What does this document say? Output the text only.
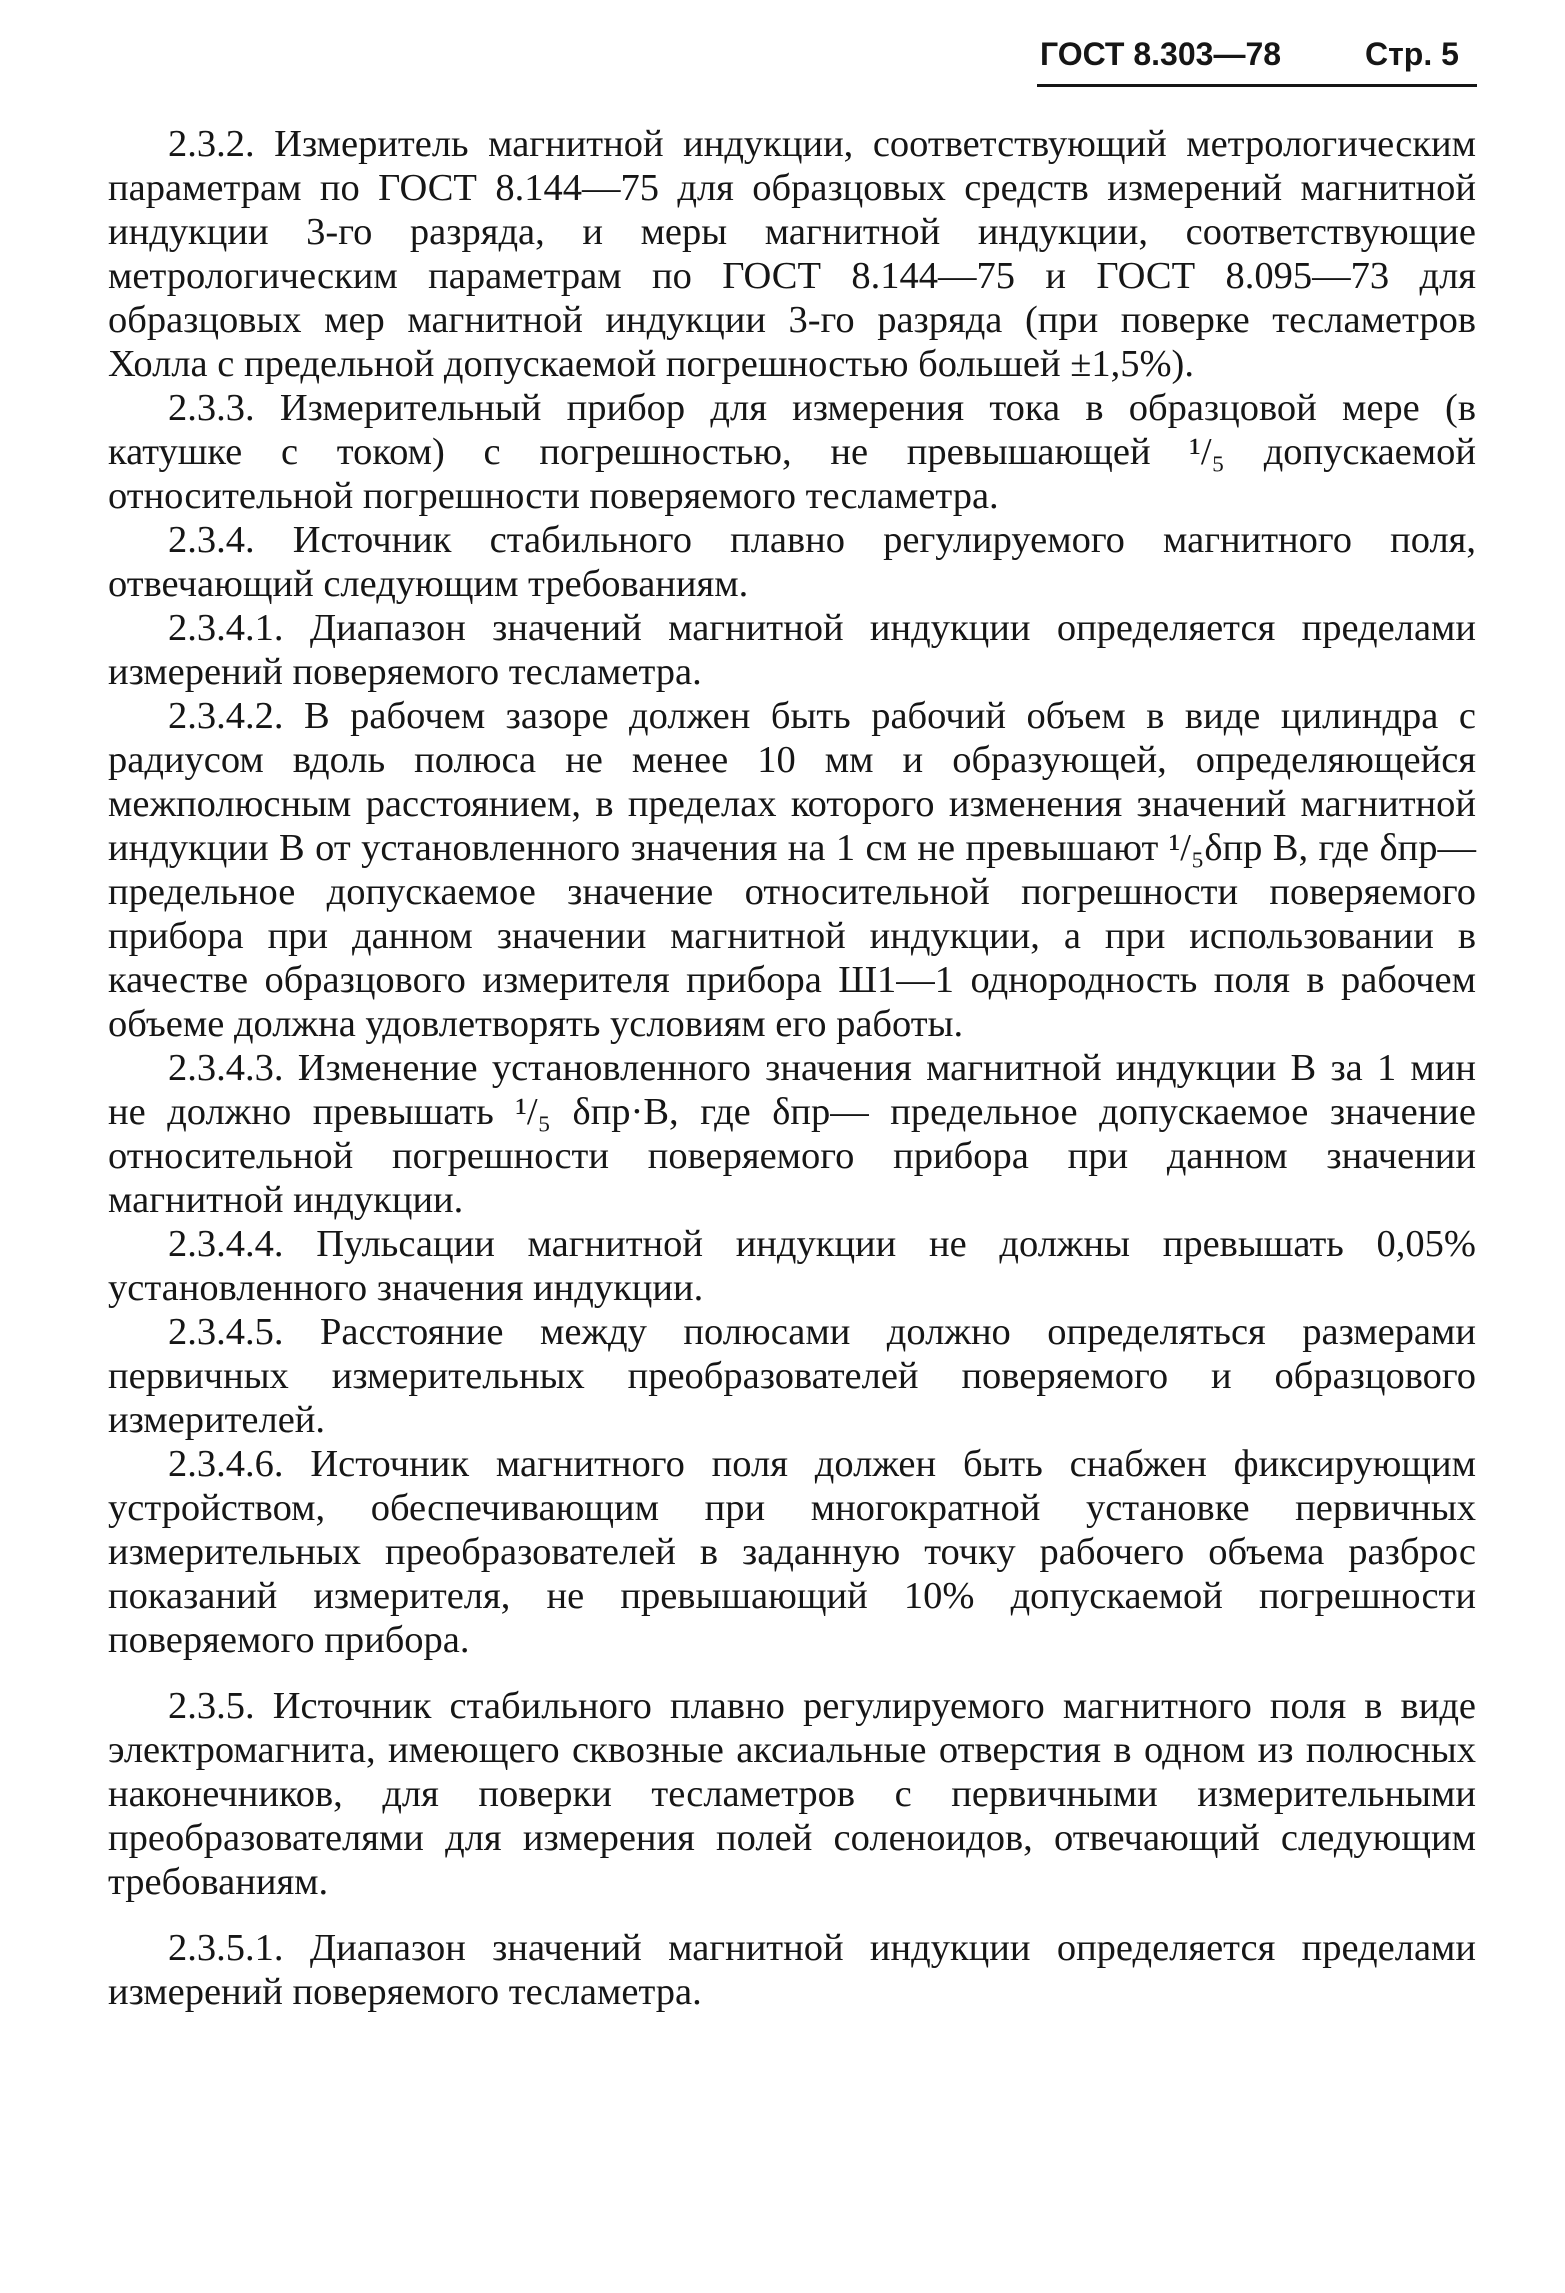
ГОСТ 8.303—78	Стр. 5

2.3.2. Измеритель магнитной индукции, соответствующий метрологическим параметрам по ГОСТ 8.144—75 для образцовых средств измерений магнитной индукции 3-го разряда, и меры магнитной индукции, соответствующие метрологическим параметрам по ГОСТ 8.144—75 и ГОСТ 8.095—73 для образцовых мер магнитной индукции 3-го разряда (при поверке тесламетров Холла с предельной допускаемой погрешностью большей ±1,5%).

2.3.3. Измерительный прибор для измерения тока в образцовой мере (в катушке с током) с погрешностью, не превышающей ¹/₅ допускаемой относительной погрешности поверяемого тесламетра.

2.3.4. Источник стабильного плавно регулируемого магнитного поля, отвечающий следующим требованиям.

2.3.4.1. Диапазон значений магнитной индукции определяется пределами измерений поверяемого тесламетра.

2.3.4.2. В рабочем зазоре должен быть рабочий объем в виде цилиндра с радиусом вдоль полюса не менее 10 мм и образующей, определяющейся межполюсным расстоянием, в пределах которого изменения значений магнитной индукции B от установленного значения на 1 см не превышают ¹/₅δпр B, где δпр— предельное допускаемое значение относительной погрешности поверяемого прибора при данном значении магнитной индукции, а при использовании в качестве образцового измерителя прибора Ш1—1 однородность поля в рабочем объеме должна удовлетворять условиям его работы.

2.3.4.3. Изменение установленного значения магнитной индукции B за 1 мин не должно превышать ¹/₅ δпр·B, где δпр— предельное допускаемое значение относительной погрешности поверяемого прибора при данном значении магнитной индукции.

2.3.4.4. Пульсации магнитной индукции не должны превышать 0,05% установленного значения индукции.

2.3.4.5. Расстояние между полюсами должно определяться размерами первичных измерительных преобразователей поверяемого и образцового измерителей.

2.3.4.6. Источник магнитного поля должен быть снабжен фиксирующим устройством, обеспечивающим при многократной установке первичных измерительных преобразователей в заданную точку рабочего объема разброс показаний измерителя, не превышающий 10% допускаемой погрешности поверяемого прибора.

2.3.5. Источник стабильного плавно регулируемого магнитного поля в виде электромагнита, имеющего сквозные аксиальные отверстия в одном из полюсных наконечников, для поверки тесламетров с первичными измерительными преобразователями для измерения полей соленоидов, отвечающий следующим требованиям.

2.3.5.1. Диапазон значений магнитной индукции определяется пределами измерений поверяемого тесламетра.
